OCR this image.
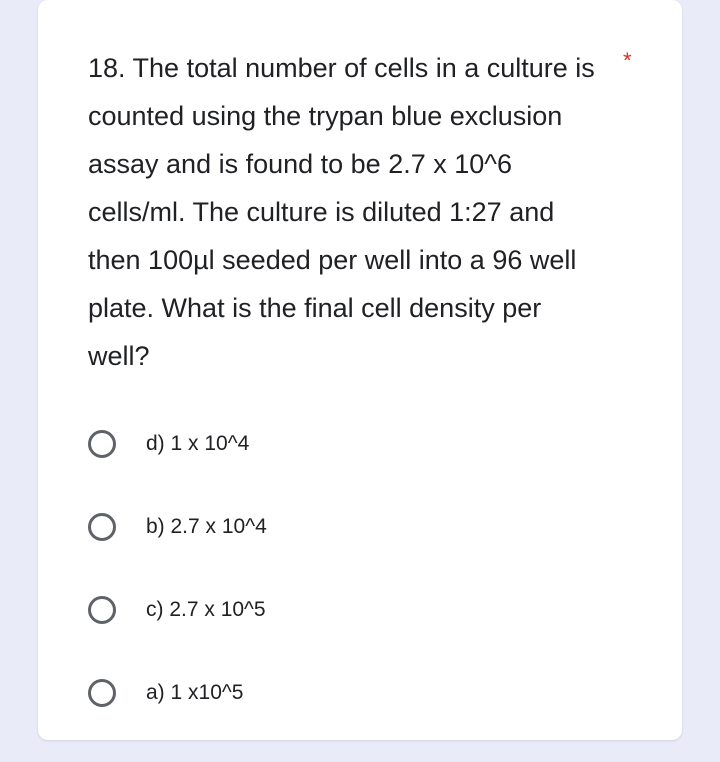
18. The total number of cells in a culture is counted using the trypan blue exclusion assay and is found to be 2.7 x 10^6 cells/ml. The culture is diluted 1:27 and then 100µl seeded per well into a 96 well plate. What is the final cell density per well?

*
d) 1 x 10^4
b) 2.7 x 10^4
c) 2.7 x 10^5
a) 1 x10^5
